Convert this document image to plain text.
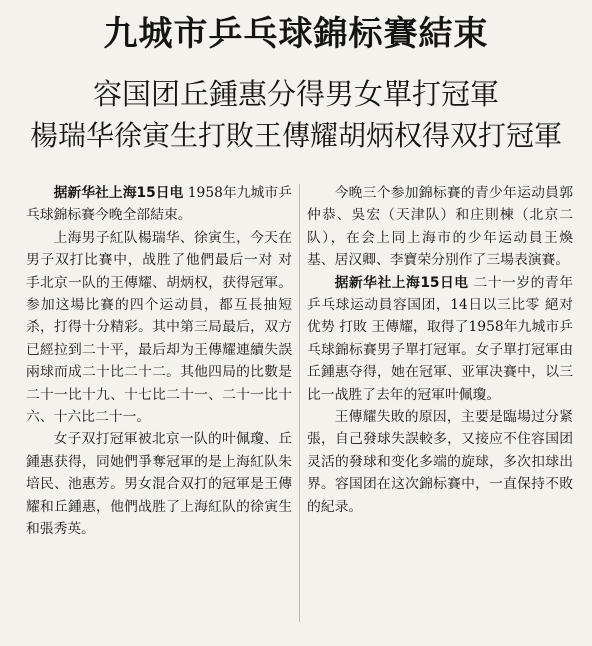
九城市乒乓球錦标賽結束
容国团丘鍾惠分得男女單打冠軍
楊瑞华徐寅生打敗王傳耀胡炳权得双打冠軍

据新华社上海15日电 1958年九城市乒乓球錦标賽今晚全部結束。

上海男子紅队楊瑞华、徐寅生，今天在男子双打比賽中，战胜了他們最后一对 对手北京一队的王傳耀、胡炳权，获得冠軍。参加这場比賽的四个运动員，都互長抽短杀，打得十分精彩。其中第三局最后，双方已經拉到二十平，最后却为王傳耀連續失誤兩球而成二十比二十二。其他四局的比數是二十一比十九、十七比二十一、二十一比十六、十六比二十一。

女子双打冠軍被北京一队的叶佩瓊、丘鍾惠获得，同她們爭奪冠軍的是上海紅队朱培民、池惠芳。男女混合双打的冠軍是王傳耀和丘鍾惠，他們战胜了上海紅队的徐寅生和張秀英。

今晚三个参加錦标賽的青少年运动員郭仲恭、吳宏（天津队）和庄則棟（北京二队），在会上同上海市的少年运动員王煥基、居汉卿、李寶荣分別作了三場表演賽。

据新华社上海15日电 二十一岁的青年乒乓球运动員容国团，14日以三比零 絕对 优势 打敗 王傳耀，取得了1958年九城市乒乓球錦标賽男子單打冠軍。女子單打冠軍由丘鍾惠夺得，她在冠軍、亚軍决賽中，以三比一战胜了去年的冠軍叶佩瓊。

王傳耀失敗的原因，主要是臨場过分紧張，自己發球失誤較多，又接应不住容国团灵活的發球和变化多端的旋球，多次扣球出界。容国团在这次錦标賽中，一直保持不敗的紀录。
